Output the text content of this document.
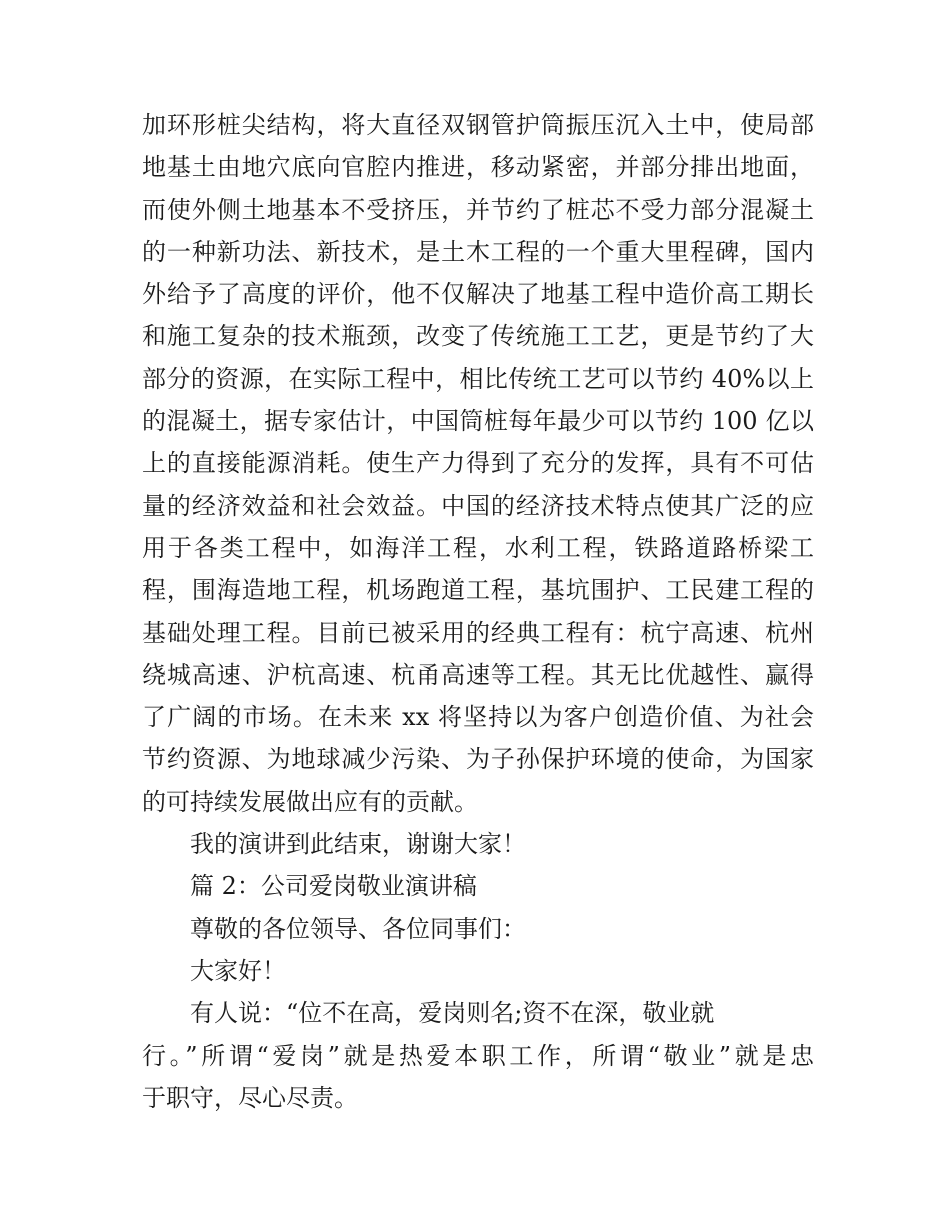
加环形桩尖结构，将大直径双钢管护筒振压沉入土中，使局部
地基土由地穴底向官腔内推进，移动紧密，并部分排出地面，
而使外侧土地基本不受挤压，并节约了桩芯不受力部分混凝土
的一种新功法、新技术，是土木工程的一个重大里程碑，国内
外给予了高度的评价，他不仅解决了地基工程中造价高工期长
和施工复杂的技术瓶颈，改变了传统施工工艺，更是节约了大
部分的资源，在实际工程中，相比传统工艺可以节约 40%以上
的混凝土，据专家估计，中国筒桩每年最少可以节约 100 亿以
上的直接能源消耗。使生产力得到了充分的发挥，具有不可估
量的经济效益和社会效益。中国的经济技术特点使其广泛的应
用于各类工程中，如海洋工程，水利工程，铁路道路桥梁工
程，围海造地工程，机场跑道工程，基坑围护、工民建工程的
基础处理工程。目前已被采用的经典工程有：杭宁高速、杭州
绕城高速、沪杭高速、杭甬高速等工程。其无比优越性、赢得
了广阔的市场。在未来 xx 将坚持以为客户创造价值、为社会
节约资源、为地球减少污染、为子孙保护环境的使命，为国家
的可持续发展做出应有的贡献。
我的演讲到此结束，谢谢大家！
篇 2：公司爱岗敬业演讲稿
尊敬的各位领导、各位同事们：
大家好！
有人说：“位不在高，爱岗则名;资不在深，敬业就
行。”所谓“爱岗”就是热爱本职工作，所谓“敬业”就是忠
于职守，尽心尽责。
